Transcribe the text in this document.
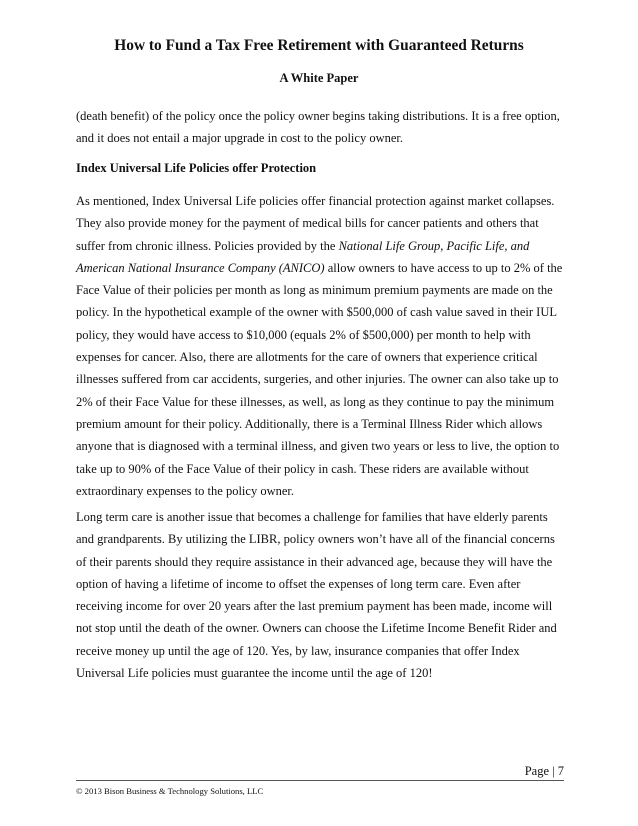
How to Fund a Tax Free Retirement with Guaranteed Returns
A White Paper
(death benefit) of the policy once the policy owner begins taking distributions. It is a free option,
and it does not entail a major upgrade in cost to the policy owner.
Index Universal Life Policies offer Protection
As mentioned, Index Universal Life policies offer financial protection against market collapses.
They also provide money for the payment of medical bills for cancer patients and others that
suffer from chronic illness. Policies provided by the National Life Group, Pacific Life, and
American National Insurance Company (ANICO) allow owners to have access to up to 2% of the
Face Value of their policies per month as long as minimum premium payments are made on the
policy. In the hypothetical example of the owner with $500,000 of cash value saved in their IUL
policy, they would have access to $10,000 (equals 2% of $500,000) per month to help with
expenses for cancer. Also, there are allotments for the care of owners that experience critical
illnesses suffered from car accidents, surgeries, and other injuries. The owner can also take up to
2% of their Face Value for these illnesses, as well, as long as they continue to pay the minimum
premium amount for their policy. Additionally, there is a Terminal Illness Rider which allows
anyone that is diagnosed with a terminal illness, and given two years or less to live, the option to
take up to 90% of the Face Value of their policy in cash. These riders are available without
extraordinary expenses to the policy owner.
Long term care is another issue that becomes a challenge for families that have elderly parents
and grandparents. By utilizing the LIBR, policy owners won’t have all of the financial concerns
of their parents should they require assistance in their advanced age, because they will have the
option of having a lifetime of income to offset the expenses of long term care. Even after
receiving income for over 20 years after the last premium payment has been made, income will
not stop until the death of the owner. Owners can choose the Lifetime Income Benefit Rider and
receive money up until the age of 120. Yes, by law, insurance companies that offer Index
Universal Life policies must guarantee the income until the age of 120!
Page | 7
© 2013 Bison Business & Technology Solutions, LLC
